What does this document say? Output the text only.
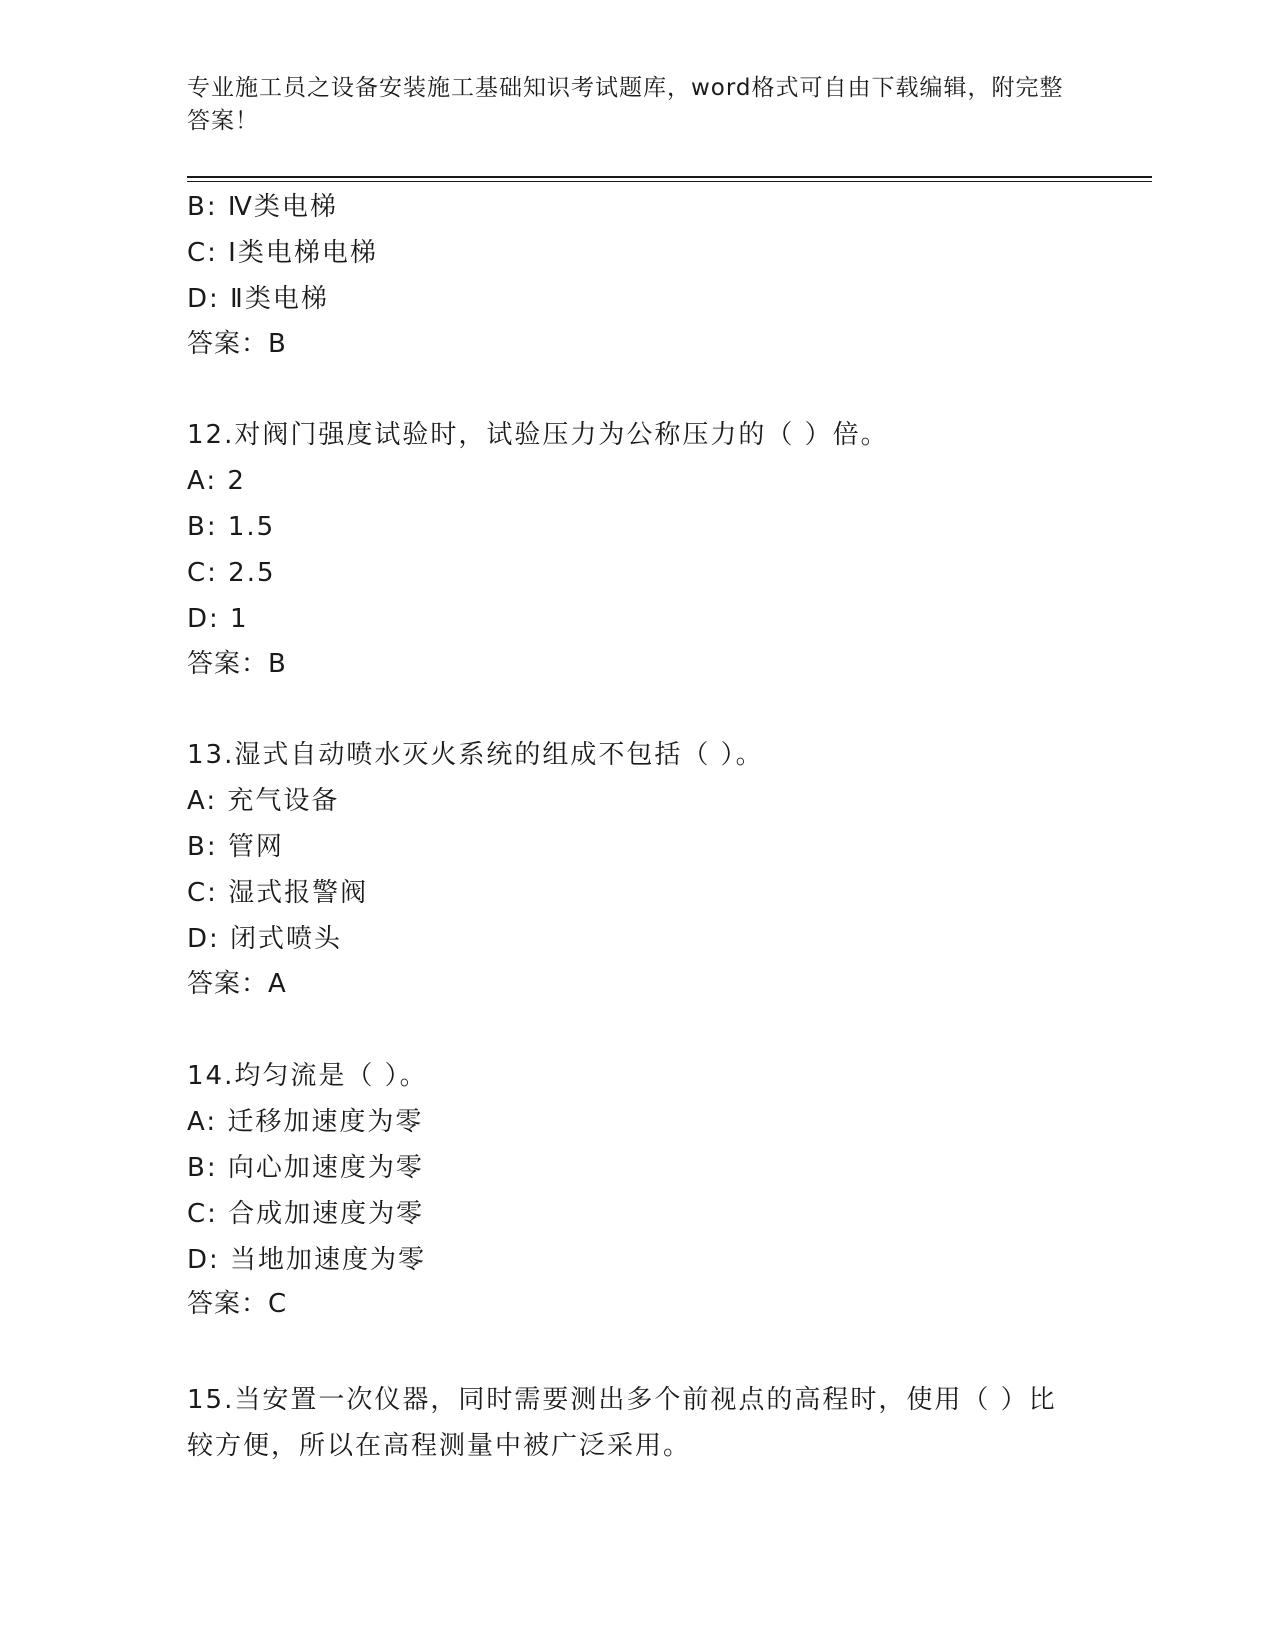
专业施工员之设备安装施工基础知识考试题库，word格式可自由下载编辑，附完整答案！
B: Ⅳ类电梯
C: Ⅰ类电梯电梯
D: Ⅱ类电梯
答案：B
12.对阀门强度试验时，试验压力为公称压力的（ ）倍。
A: 2
B: 1.5
C: 2.5
D: 1
答案：B
13.湿式自动喷水灭火系统的组成不包括（ ）。
A: 充气设备
B: 管网
C: 湿式报警阀
D: 闭式喷头
答案：A
14.均匀流是（ ）。
A: 迁移加速度为零
B: 向心加速度为零
C: 合成加速度为零
D: 当地加速度为零
答案：C
15.当安置一次仪器，同时需要测出多个前视点的高程时，使用（ ）比较方便，所以在高程测量中被广泛采用。
